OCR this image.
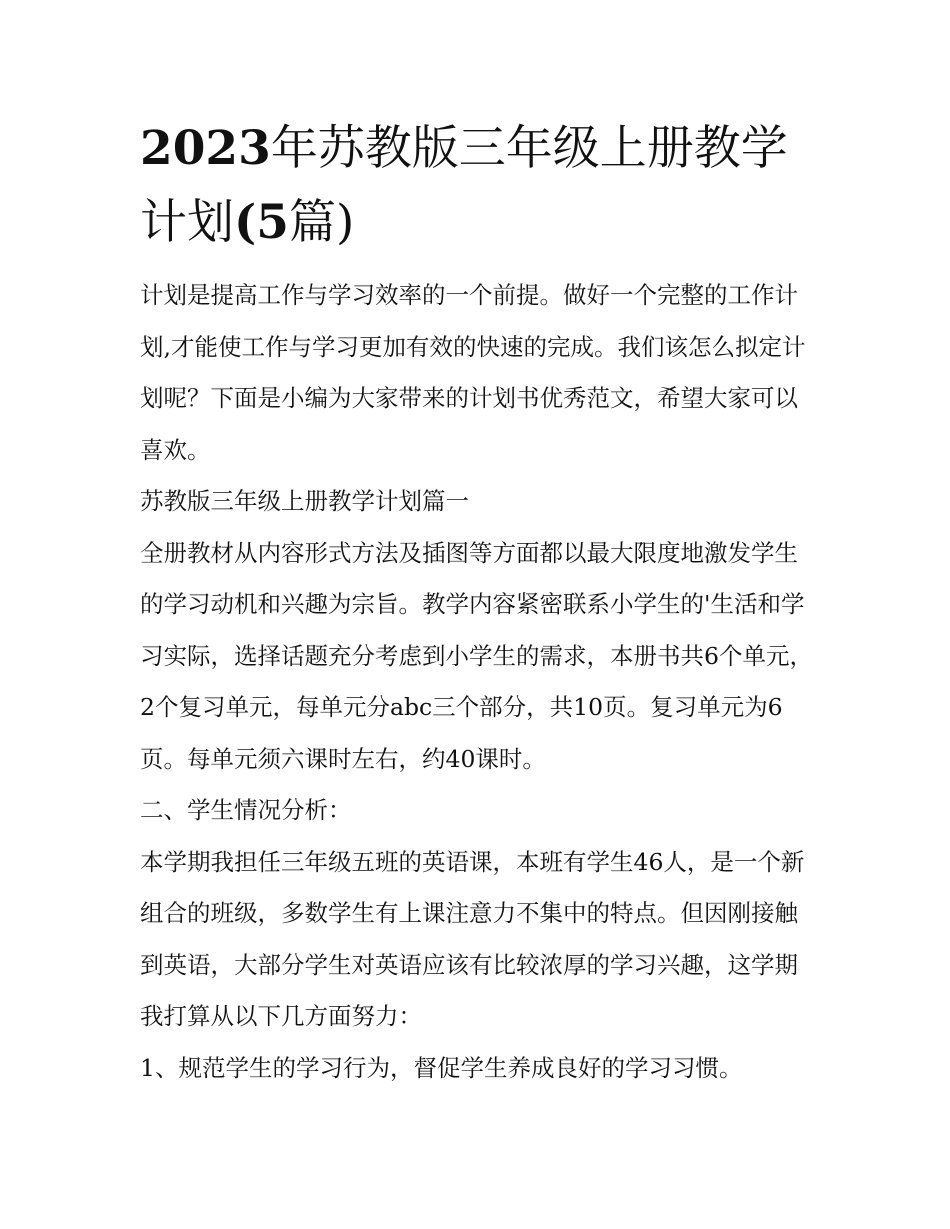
2023年苏教版三年级上册教学
计划(5篇)

计划是提高工作与学习效率的一个前提。做好一个完整的工作计划,才能使工作与学习更加有效的快速的完成。我们该怎么拟定计划呢？下面是小编为大家带来的计划书优秀范文，希望大家可以喜欢。

苏教版三年级上册教学计划篇一

全册教材从内容形式方法及插图等方面都以最大限度地激发学生的学习动机和兴趣为宗旨。教学内容紧密联系小学生的'生活和学习实际，选择话题充分考虑到小学生的需求，本册书共6个单元，2个复习单元，每单元分abc三个部分，共10页。复习单元为6页。每单元须六课时左右，约40课时。

二、学生情况分析：

本学期我担任三年级五班的英语课，本班有学生46人，是一个新组合的班级，多数学生有上课注意力不集中的特点。但因刚接触到英语，大部分学生对英语应该有比较浓厚的学习兴趣，这学期我打算从以下几方面努力：

1、规范学生的学习行为，督促学生养成良好的学习习惯。
